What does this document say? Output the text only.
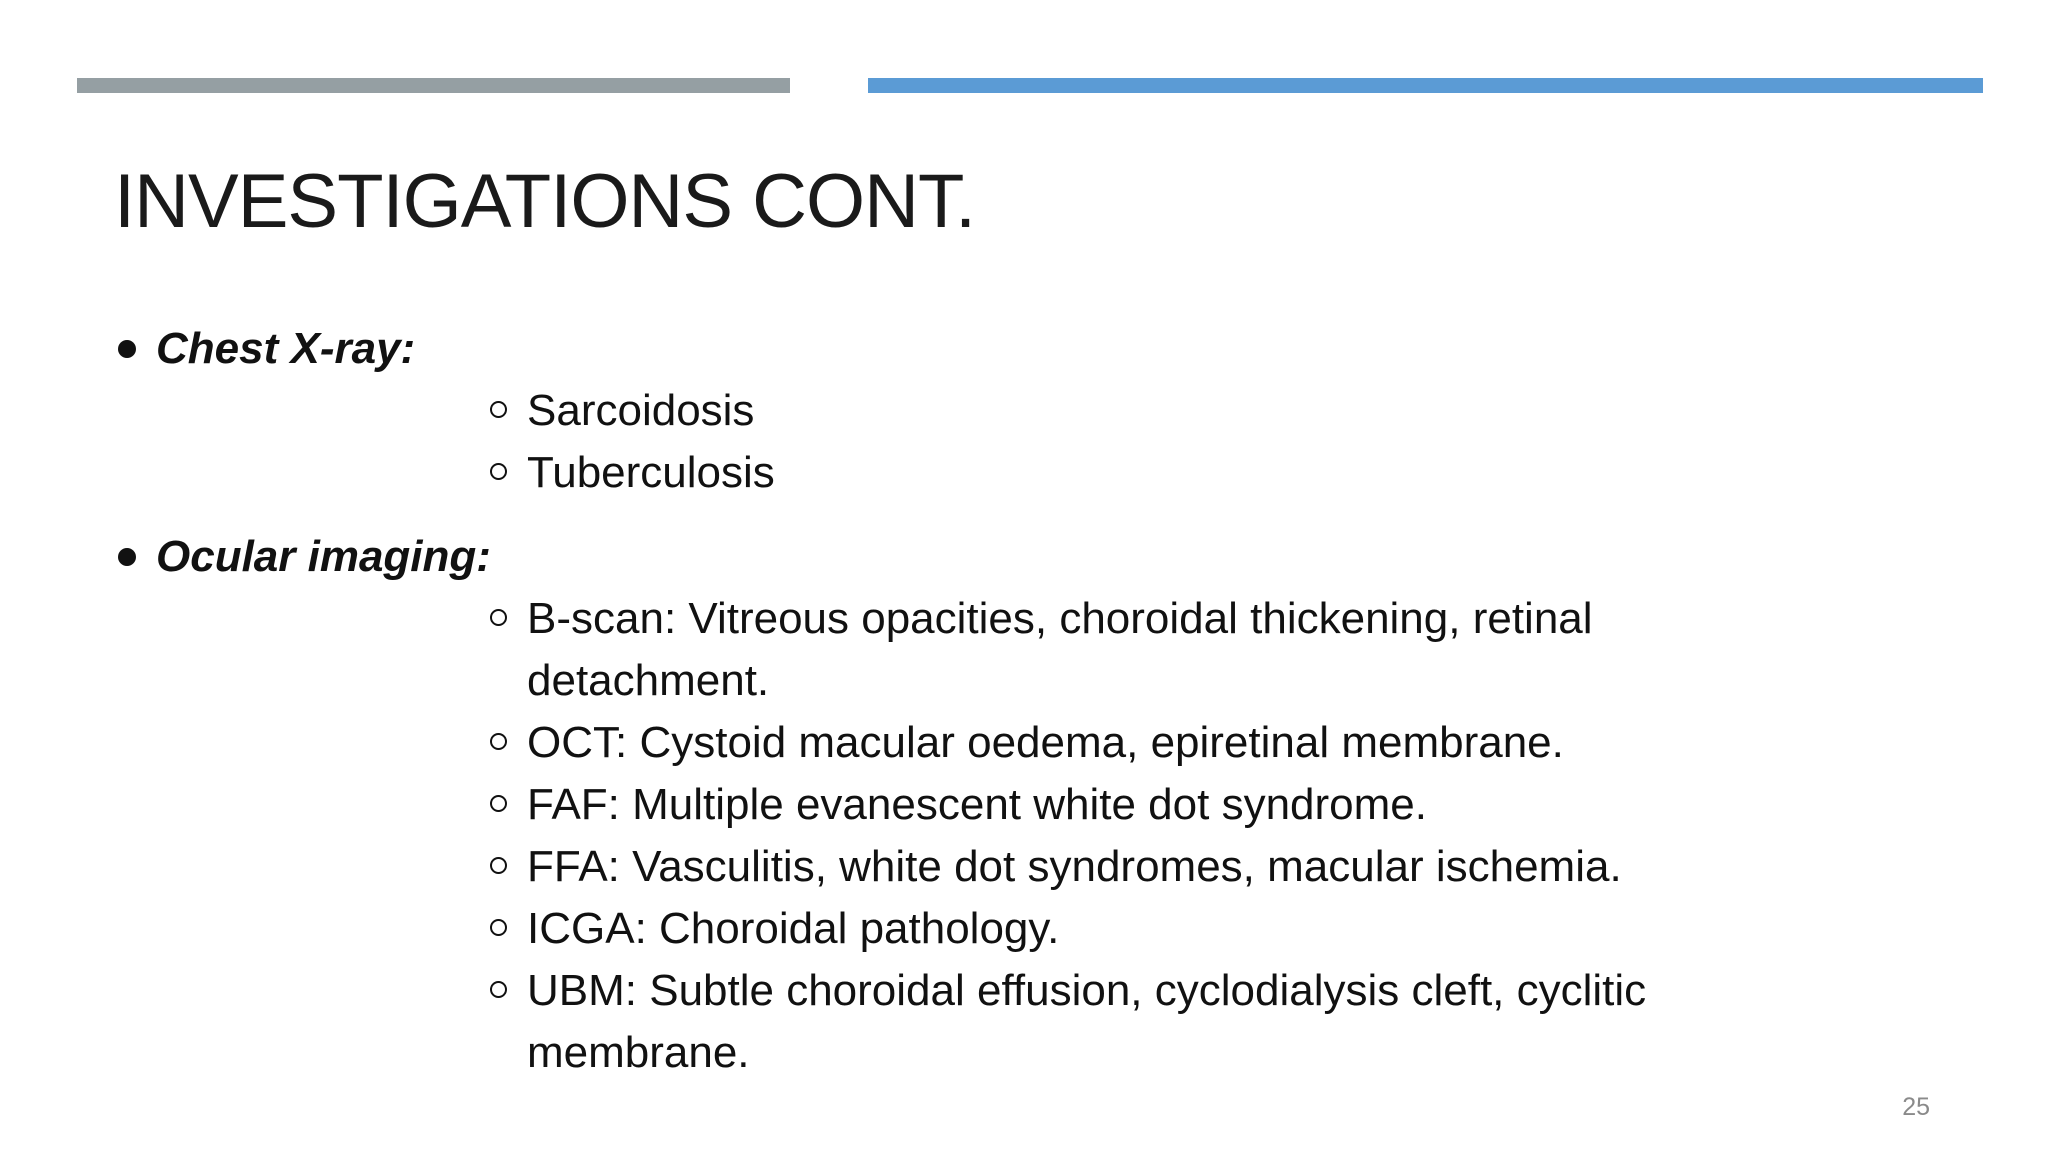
INVESTIGATIONS CONT.
Chest X-ray:
Sarcoidosis
Tuberculosis
Ocular imaging:
B-scan: Vitreous opacities, choroidal thickening, retinal detachment.
OCT: Cystoid macular oedema, epiretinal membrane.
FAF: Multiple evanescent white dot syndrome.
FFA: Vasculitis, white dot syndromes, macular ischemia.
ICGA: Choroidal pathology.
UBM: Subtle choroidal effusion, cyclodialysis cleft, cyclitic membrane.
25
